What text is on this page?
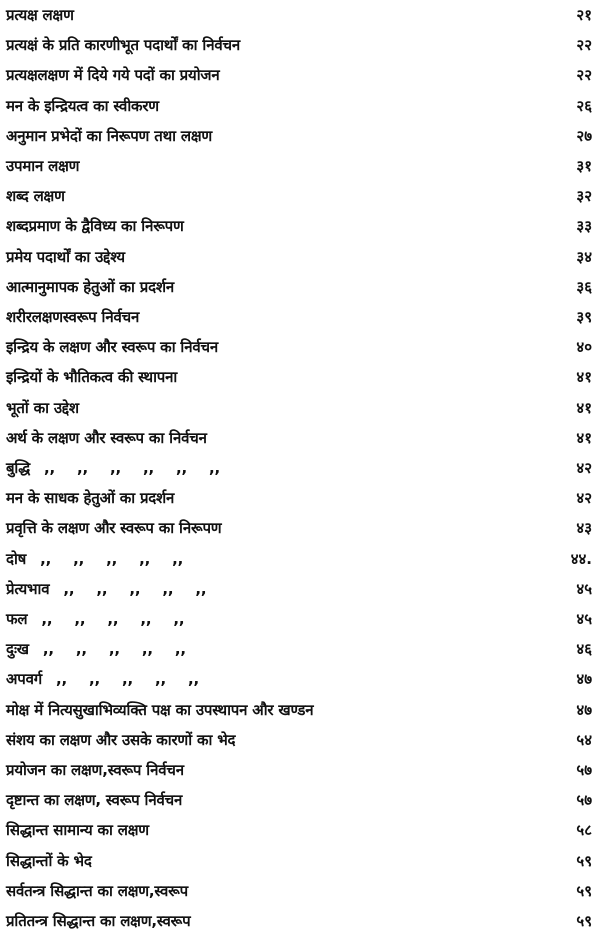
प्रत्यक्ष लक्षण	२१
प्रत्यक्षं के प्रति कारणीभूत पदार्थों का निर्वचन	२२
प्रत्यक्षलक्षण में दिये गये पदों का प्रयोजन	२२
मन के इन्द्रियत्व का स्वीकरण	२६
अनुमान प्रभेदों का निरूपण तथा लक्षण	२७
उपमान लक्षण	३१
शब्द लक्षण	३२
शब्दप्रमाण के द्वैविध्य का निरूपण	३३
प्रमेय पदार्थों का उद्देश्य	३४
आत्मानुमापक हेतुओं का प्रदर्शन	३६
शरीरलक्षणस्वरूप निर्वचन	३९
इन्द्रिय के लक्षण और स्वरूप का निर्वचन	४०
इन्द्रियों के भौतिकत्व की स्थापना	४१
भूतों का उद्देश	४१
अर्थ के लक्षण और स्वरूप का निर्वचन	४१
बुद्धि ,, ,, ,, ,, ,, ,,	४२
मन के साधक हेतुओं का प्रदर्शन	४२
प्रवृत्ति के लक्षण और स्वरूप का निरूपण	४३
दोष ,, ,, ,, ,, ,,	४४.
प्रेत्यभाव ,, ,, ,, ,, ,,	४५
फल ,, ,, ,, ,, ,,	४५
दुःख ,, ,, ,, ,, ,,	४६
अपवर्ग ,, ,, ,, ,, ,,	४७
मोक्ष में नित्यसुखाभिव्यक्ति पक्ष का उपस्थापन और खण्डन	४७
संशय का लक्षण और उसके कारणों का भेद	५४
प्रयोजन का लक्षण,स्वरूप निर्वचन	५७
दृष्टान्त का लक्षण, स्वरूप निर्वचन	५७
सिद्धान्त सामान्य का लक्षण	५८
सिद्धान्तों के भेद	५९
सर्वतन्त्र सिद्धान्त का लक्षण,स्वरूप	५९
प्रतितन्त्र सिद्धान्त का लक्षण,स्वरूप	५९
